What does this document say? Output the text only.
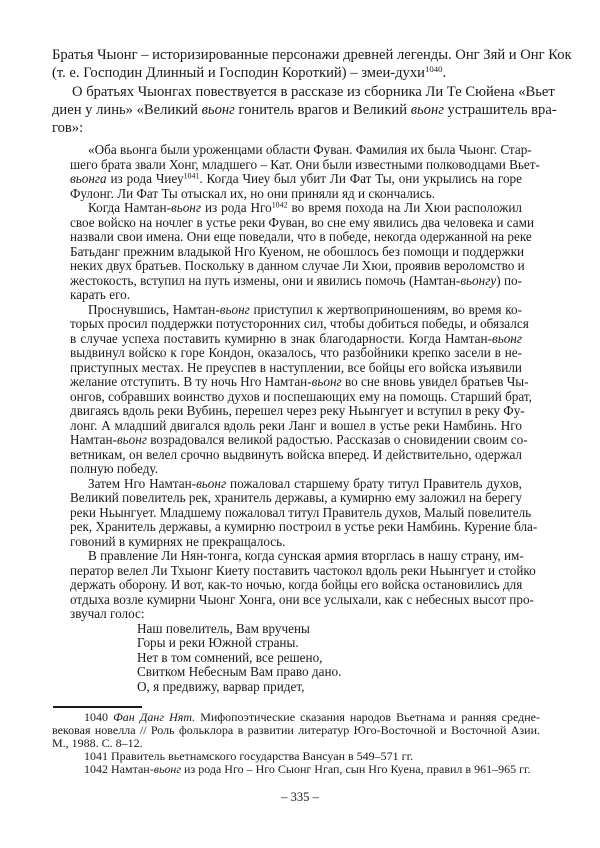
Братья Чыонг – историзированные персонажи древней легенды. Онг Зяй и Онг Кок
(т. е. Господин Длинный и Господин Короткий) – змеи-духи$^{1040}$.
О братьях Чыонгах повествуется в рассказе из сборника Ли Те Сюйена «Вьет
диен у линь» «Великий вьонг гонитель врагов и Великий вьонг устрашитель вра-
гов»:
«Оба вьонга были уроженцами области Фуван. Фамилия их была Чыонг. Стар-
шего брата звали Хонг, младшего – Кат. Они были известными полководцами Вьет-
вьонга из рода Чиеу$^{1041}$. Когда Чиеу был убит Ли Фат Ты, они укрылись на горе
Фулонг. Ли Фат Ты отыскал их, но они приняли яд и скончались.
Когда Намтан-вьонг из рода Нго$^{1042}$ во время похода на Ли Хюи расположил
свое войско на ночлег в устье реки Фуван, во сне ему явились два человека и сами
назвали свои имена. Они еще поведали, что в победе, некогда одержанной на реке
Батьданг прежним владыкой Нго Куеном, не обошлось без помощи и поддержки
неких двух братьев. Поскольку в данном случае Ли Хюи, проявив вероломство и
жестокость, вступил на путь измены, они и явились помочь (Намтан-вьонгу) по-
карать его.
Проснувшись, Намтан-вьонг приступил к жертвоприношениям, во время ко-
торых просил поддержки потусторонних сил, чтобы добиться победы, и обязался
в случае успеха поставить кумирню в знак благодарности. Когда Намтан-вьонг
выдвинул войско к горе Кондон, оказалось, что разбойники крепко засели в не-
приступных местах. Не преуспев в наступлении, все бойцы его войска изъявили
желание отступить. В ту ночь Нго Намтан-вьонг во сне вновь увидел братьев Чы-
онгов, собравших воинство духов и поспешающих ему на помощь. Старший брат,
двигаясь вдоль реки Вубинь, перешел через реку Ньынгует и вступил в реку Фу-
лонг. А младший двигался вдоль реки Ланг и вошел в устье реки Намбинь. Нго
Намтан-вьонг возрадовался великой радостью. Рассказав о сновидении своим со-
ветникам, он велел срочно выдвинуть войска вперед. И действительно, одержал
полную победу.
Затем Нго Намтан-вьонг пожаловал старшему брату титул Правитель духов,
Великий повелитель рек, хранитель державы, а кумирню ему заложил на берегу
реки Ньынгует. Младшему пожаловал титул Правитель духов, Малый повелитель
рек, Хранитель державы, а кумирню построил в устье реки Намбинь. Курение бла-
говоний в кумирнях не прекращалось.
В правление Ли Нян-тонга, когда сунская армия вторглась в нашу страну, им-
ператор велел Ли Тхыонг Киету поставить частокол вдоль реки Ньынгует и стойко
держать оборону. И вот, как-то ночью, когда бойцы его войска остановились для
отдыха возле кумирни Чыонг Хонга, они все услыхали, как с небесных высот про-
звучал голос:
Наш повелитель, Вам вручены
Горы и реки Южной страны.
Нет в том сомнений, все решено,
Свитком Небесным Вам право дано.
О, я предвижу, варвар придет,
1040 Фан Данг Нят. Мифопоэтические сказания народов Вьетнама и ранняя средне-
вековая новелла // Роль фольклора в развитии литератур Юго-Восточной и Восточной Азии.
М., 1988. С. 8–12.
1041 Правитель вьетнамского государства Вансуан в 549–571 гг.
1042 Намтан-вьонг из рода Нго – Нго Сыонг Нгап, сын Нго Куена, правил в 961–965 гг.
– 335 –
